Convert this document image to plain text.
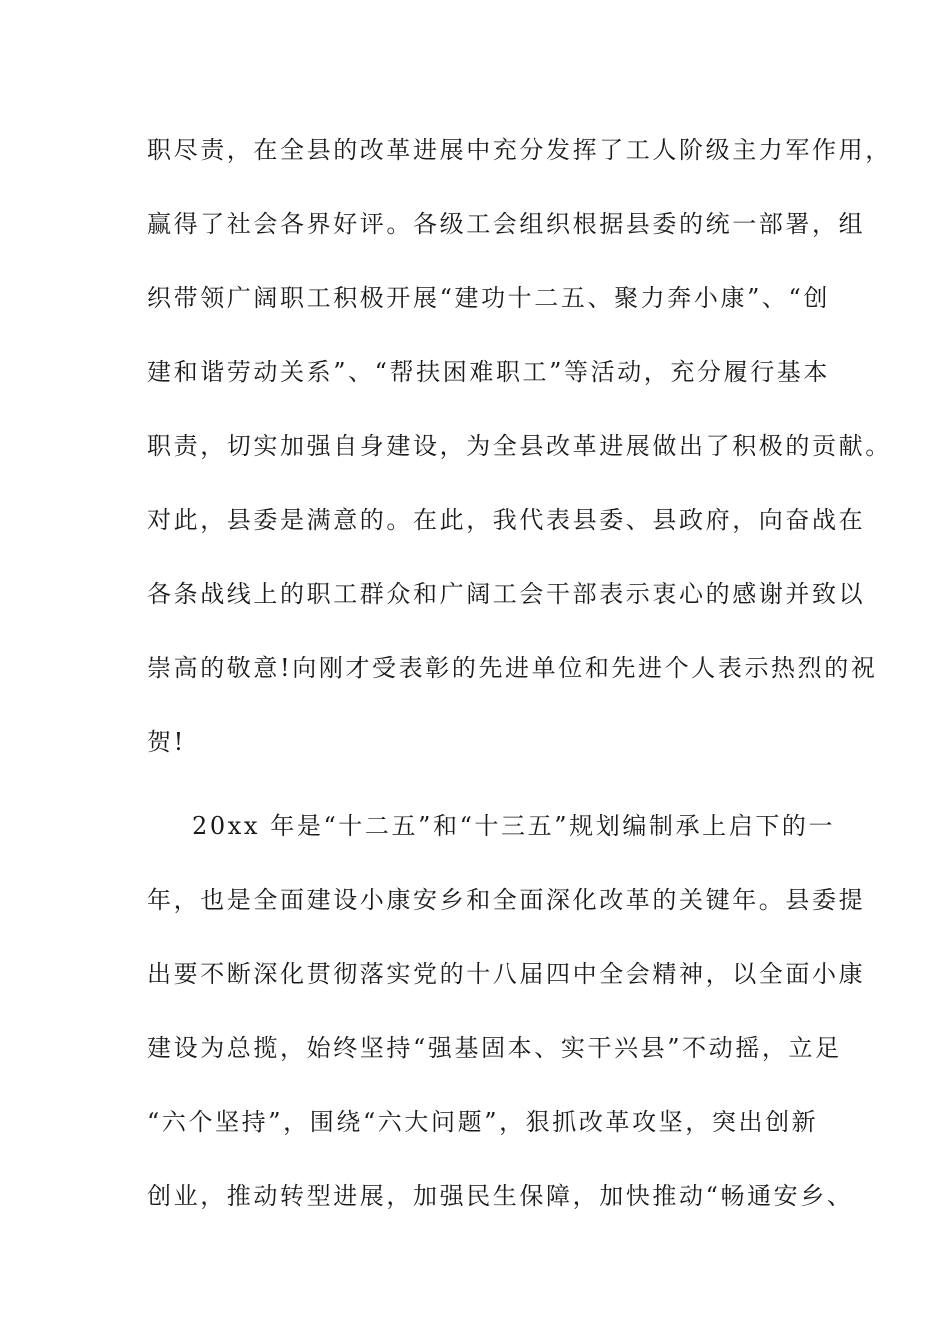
职尽责，在全县的改革进展中充分发挥了工人阶级主力军作用，
赢得了社会各界好评。各级工会组织根据县委的统一部署，组
织带领广阔职工积极开展“建功十二五、聚力奔小康”、“创
建和谐劳动关系”、“帮扶困难职工”等活动，充分履行基本
职责，切实加强自身建设，为全县改革进展做出了积极的贡献。
对此，县委是满意的。在此，我代表县委、县政府，向奋战在
各条战线上的职工群众和广阔工会干部表示衷心的感谢并致以
崇高的敬意!向刚才受表彰的先进单位和先进个人表示热烈的祝
贺!
20xx 年是“十二五”和“十三五”规划编制承上启下的一
年，也是全面建设小康安乡和全面深化改革的关键年。县委提
出要不断深化贯彻落实党的十八届四中全会精神，以全面小康
建设为总揽，始终坚持“强基固本、实干兴县”不动摇，立足
“六个坚持”，围绕“六大问题”，狠抓改革攻坚，突出创新
创业，推动转型进展，加强民生保障，加快推动“畅通安乡、
